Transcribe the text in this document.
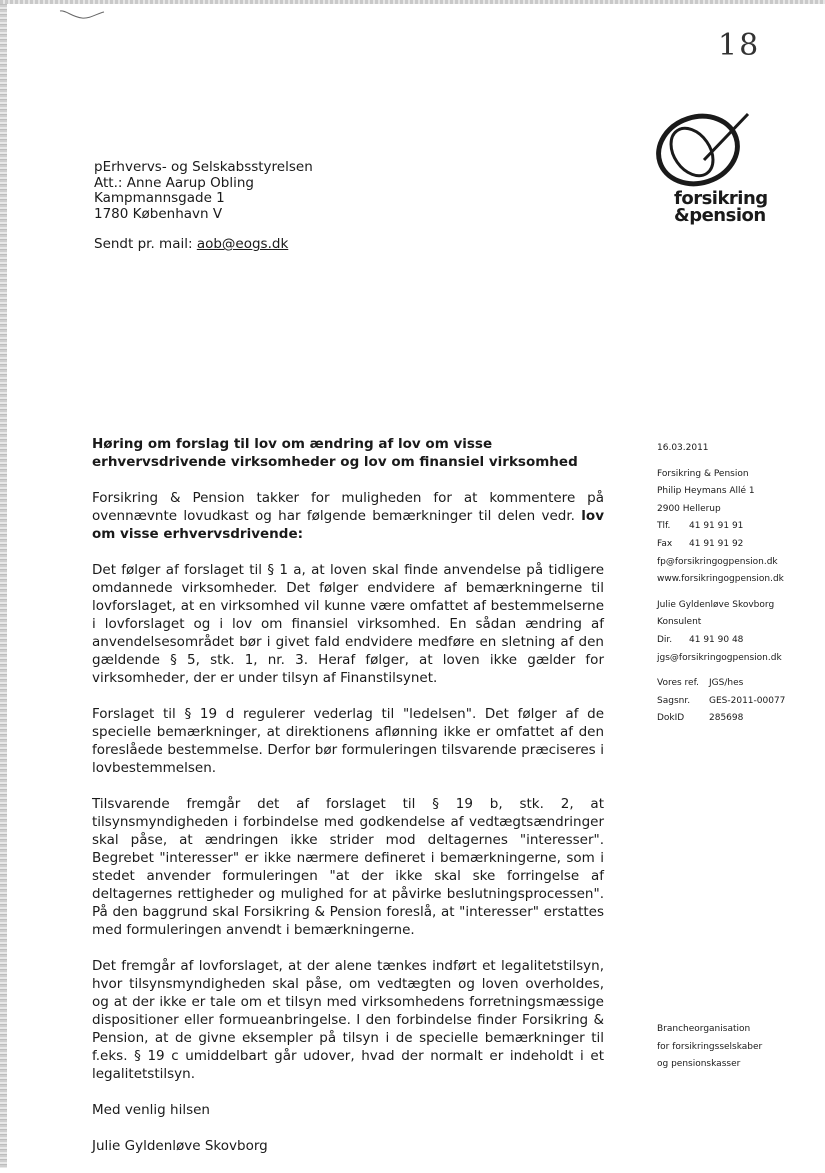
18
forsikring
&pension
pErhvervs- og Selskabsstyrelsen
Att.: Anne Aarup Obling
Kampmannsgade 1
1780 København V
Sendt pr. mail: aob@eogs.dk
Høring om forslag til lov om ændring af lov om visse erhvervsdrivende virksomheder og lov om finansiel virksomhed

Forsikring & Pension takker for muligheden for at kommentere på ovennævnte lovudkast og har følgende bemærkninger til delen vedr. lov om visse erhvervsdrivende:

Det følger af forslaget til § 1 a, at loven skal finde anvendelse på tidligere omdannede virksomheder. Det følger endvidere af bemærkningerne til lovforslaget, at en virksomhed vil kunne være omfattet af bestemmelserne i lovforslaget og i lov om finansiel virksomhed. En sådan ændring af anvendelsesområdet bør i givet fald endvidere medføre en sletning af den gældende § 5, stk. 1, nr. 3. Heraf følger, at loven ikke gælder for virksomheder, der er under tilsyn af Finanstilsynet.

Forslaget til § 19 d regulerer vederlag til "ledelsen". Det følger af de specielle bemærkninger, at direktionens aflønning ikke er omfattet af den foreslåede bestemmelse. Derfor bør formuleringen tilsvarende præciseres i lovbestemmelsen.

Tilsvarende fremgår det af forslaget til § 19 b, stk. 2, at tilsynsmyndigheden i forbindelse med godkendelse af vedtægtsændringer skal påse, at ændringen ikke strider mod deltagernes "interesser". Begrebet "interesser" er ikke nærmere defineret i bemærkningerne, som i stedet anvender formuleringen "at der ikke skal ske forringelse af deltagernes rettigheder og mulighed for at påvirke beslutningsprocessen". På den baggrund skal Forsikring & Pension foreslå, at "interesser" erstattes med formuleringen anvendt i bemærkningerne.

Det fremgår af lovforslaget, at der alene tænkes indført et legalitetstilsyn, hvor tilsynsmyndigheden skal påse, om vedtægten og loven overholdes, og at der ikke er tale om et tilsyn med virksomhedens forretningsmæssige dispositioner eller formueanbringelse. I den forbindelse finder Forsikring & Pension, at de givne eksempler på tilsyn i de specielle bemærkninger til f.eks. § 19 c umiddelbart går udover, hvad der normalt er indeholdt i et legalitetstilsyn.

Med venlig hilsen

Julie Gyldenløve Skovborg

16.03.2011
Forsikring & Pension
Philip Heymans Allé 1
2900 Hellerup
Tlf. 41 91 91 91
Fax 41 91 91 92
fp@forsikringogpension.dk
www.forsikringogpension.dk
Julie Gyldenløve Skovborg
Konsulent
Dir. 41 91 90 48
jgs@forsikringogpension.dk
Vores ref. JGS/hes
Sagsnr. GES-2011-00077
DokID	285698
Brancheorganisation
for forsikringsselskaber
og pensionskasser
